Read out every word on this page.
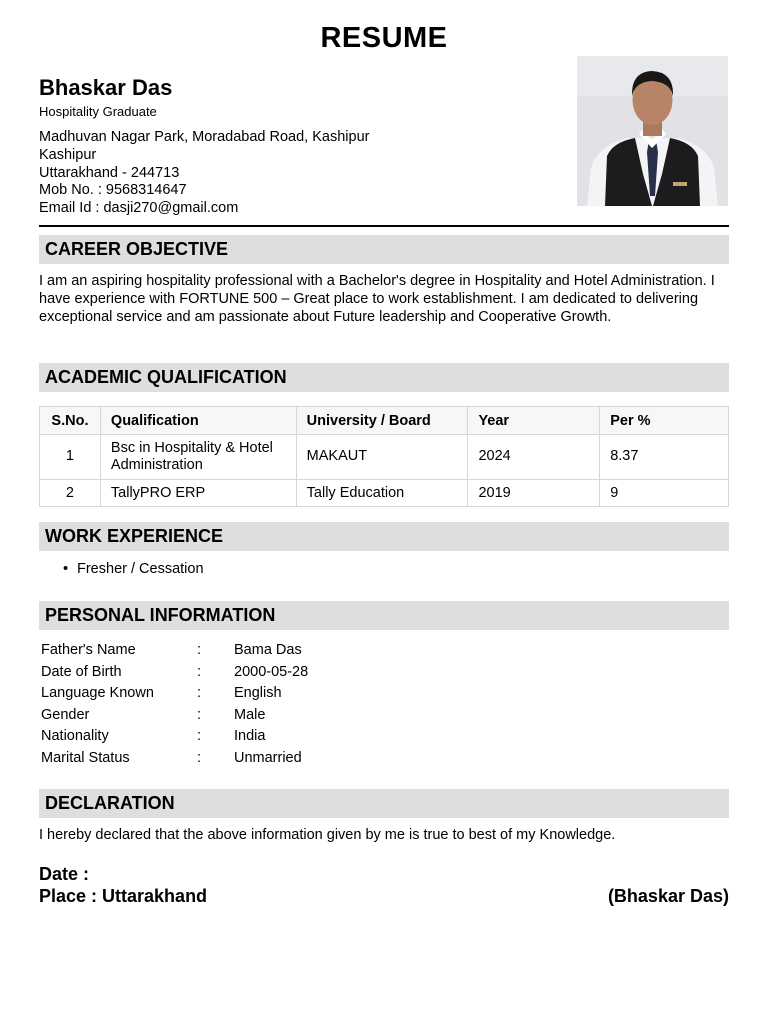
RESUME
Bhaskar Das
Hospitality Graduate
Madhuvan Nagar Park, Moradabad Road, Kashipur
Kashipur
Uttarakhand - 244713
Mob No. : 9568314647
Email Id : dasji270@gmail.com
CAREER OBJECTIVE
I am an aspiring hospitality professional with a Bachelor's degree in Hospitality and Hotel Administration. I have experience with FORTUNE 500 – Great place to work establishment. I am dedicated to delivering exceptional service and am passionate about Future leadership and Cooperative Growth.
ACADEMIC QUALIFICATION
S.No.	Qualification	University / Board	Year	Per %
1	Bsc in Hospitality & Hotel Administration	MAKAUT	2024	8.37
2	TallyPRO ERP	Tally Education	2019	9
WORK EXPERIENCE
• Fresher / Cessation
PERSONAL INFORMATION
Father's Name	:	Bama Das
Date of Birth	:	2000-05-28
Language Known	:	English
Gender	:	Male
Nationality	:	India
Marital Status	:	Unmarried
DECLARATION
I hereby declared that the above information given by me is true to best of my Knowledge.
Date :
Place : Uttarakhand	(Bhaskar Das)
